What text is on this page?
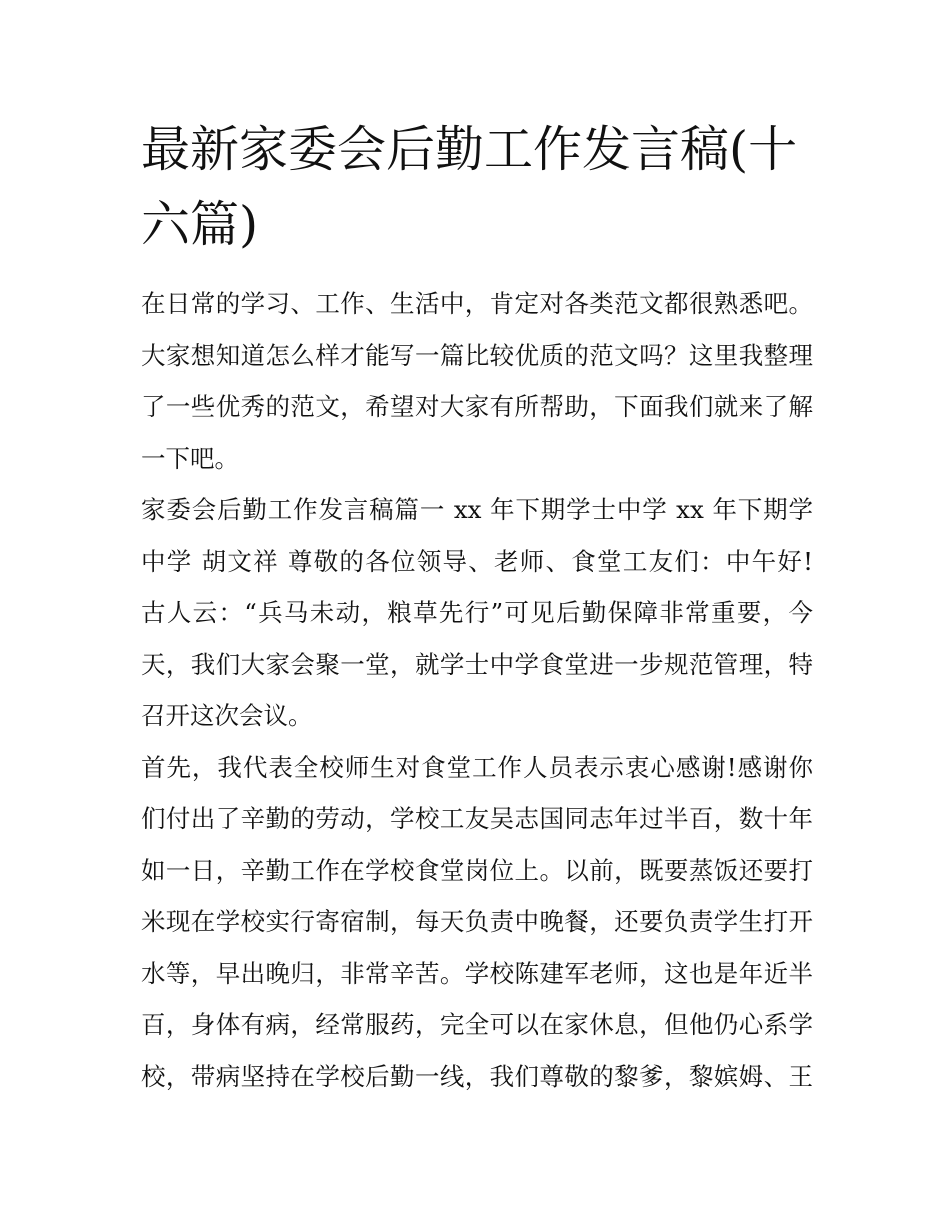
最新家委会后勤工作发言稿(十
六篇)
在日常的学习、工作、生活中，肯定对各类范文都很熟悉吧。
大家想知道怎么样才能写一篇比较优质的范文吗？这里我整理
了一些优秀的范文，希望对大家有所帮助，下面我们就来了解
一下吧。
家委会后勤工作发言稿篇一 xx 年下期学士中学 xx 年下期学
中学 胡文祥 尊敬的各位领导、老师、食堂工友们：中午好!
古人云：“兵马未动，粮草先行”可见后勤保障非常重要，今
天，我们大家会聚一堂，就学士中学食堂进一步规范管理，特
召开这次会议。
首先，我代表全校师生对食堂工作人员表示衷心感谢!感谢你
们付出了辛勤的劳动，学校工友吴志国同志年过半百，数十年
如一日，辛勤工作在学校食堂岗位上。以前，既要蒸饭还要打
米现在学校实行寄宿制，每天负责中晚餐，还要负责学生打开
水等，早出晚归，非常辛苦。学校陈建军老师，这也是年近半
百，身体有病，经常服药，完全可以在家休息，但他仍心系学
校，带病坚持在学校后勤一线，我们尊敬的黎爹，黎嫔姆、王
